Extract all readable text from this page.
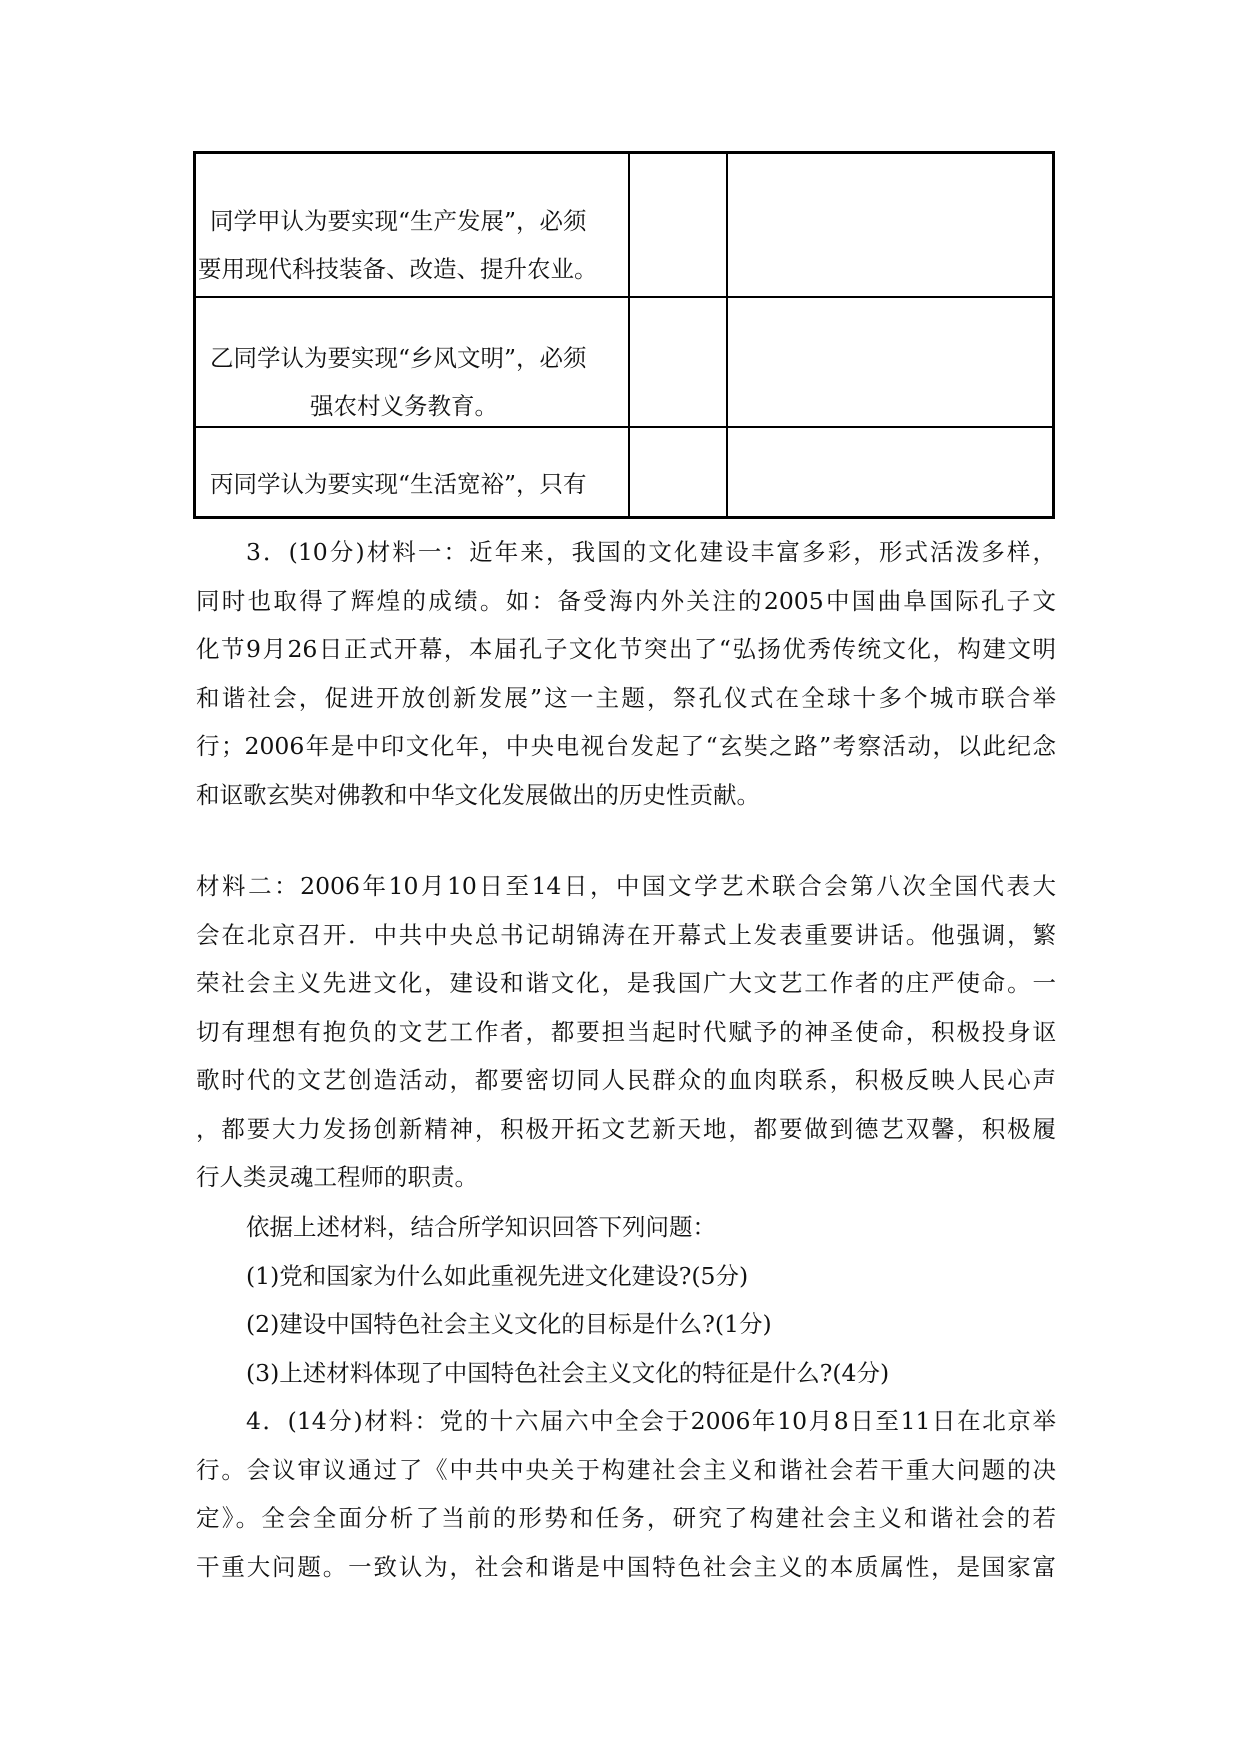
同学甲认为要实现“生产发展”，必须
要用现代科技装备、改造、提升农业。
乙同学认为要实现“乡风文明”，必须
强农村义务教育。
丙同学认为要实现“生活宽裕”，只有
3．(10分)材料一：近年来，我国的文化建设丰富多彩，形式活泼多样，
同时也取得了辉煌的成绩。如：备受海内外关注的2005中国曲阜国际孔子文
化节9月26日正式开幕，本届孔子文化节突出了“弘扬优秀传统文化，构建文明
和谐社会，促进开放创新发展”这一主题，祭孔仪式在全球十多个城市联合举
行；2006年是中印文化年，中央电视台发起了“玄奘之路”考察活动，以此纪念
和讴歌玄奘对佛教和中华文化发展做出的历史性贡献。
材料二：2006年10月10日至14日，中国文学艺术联合会第八次全国代表大
会在北京召开．中共中央总书记胡锦涛在开幕式上发表重要讲话。他强调，繁
荣社会主义先进文化，建设和谐文化，是我国广大文艺工作者的庄严使命。一
切有理想有抱负的文艺工作者，都要担当起时代赋予的神圣使命，积极投身讴
歌时代的文艺创造活动，都要密切同人民群众的血肉联系，积极反映人民心声
，都要大力发扬创新精神，积极开拓文艺新天地，都要做到德艺双馨，积极履
行人类灵魂工程师的职责。
依据上述材料，结合所学知识回答下列问题：
(1)党和国家为什么如此重视先进文化建设?(5分)
(2)建设中国特色社会主义文化的目标是什么?(1分)
(3)上述材料体现了中国特色社会主义文化的特征是什么?(4分)
4．(14分)材料：党的十六届六中全会于2006年10月8日至11日在北京举
行。会议审议通过了《中共中央关于构建社会主义和谐社会若干重大问题的决
定》。全会全面分析了当前的形势和任务，研究了构建社会主义和谐社会的若
干重大问题。一致认为，社会和谐是中国特色社会主义的本质属性，是国家富
